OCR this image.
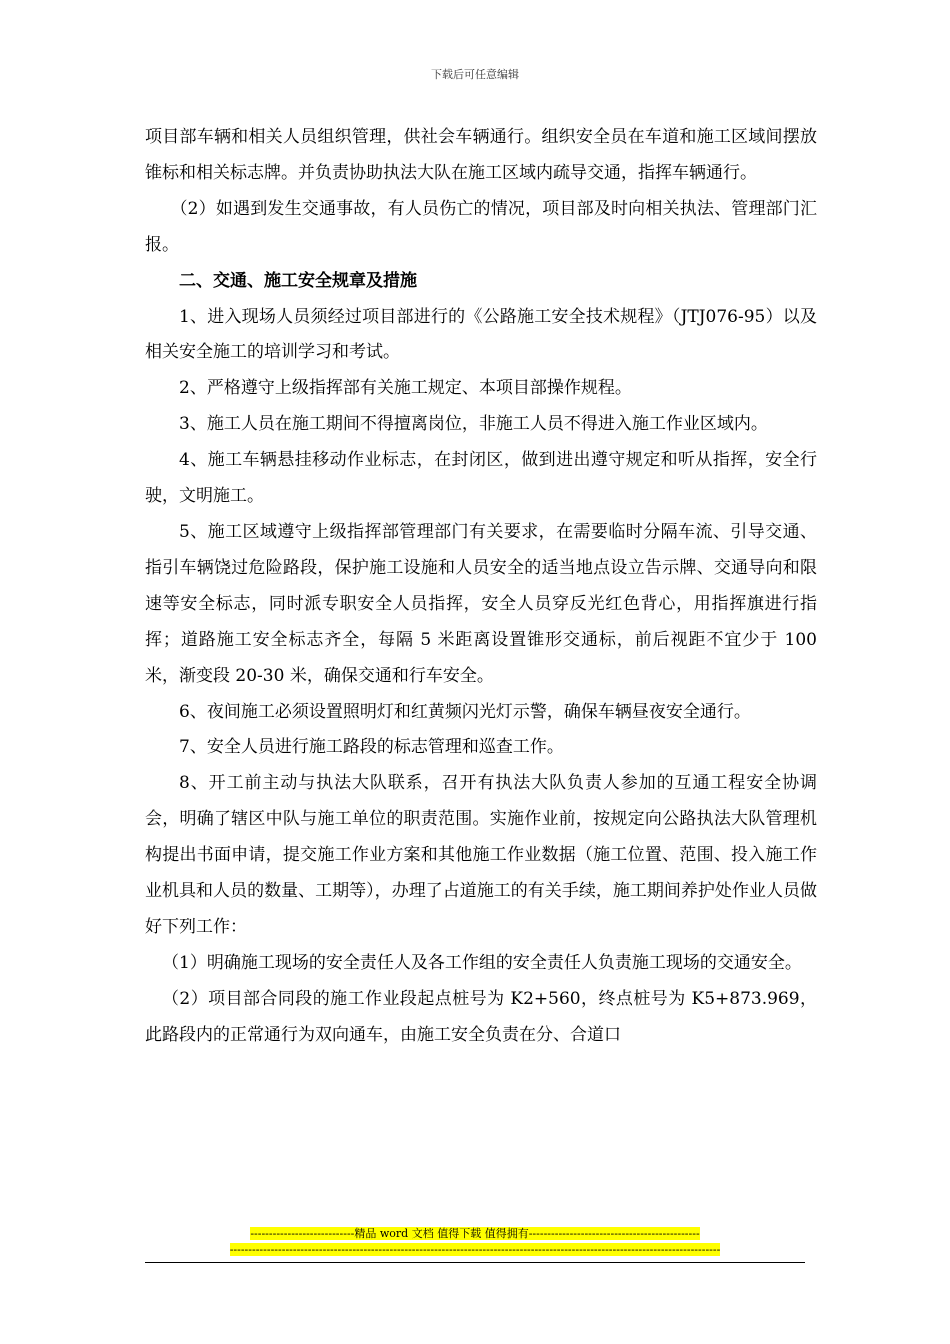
下载后可任意编辑

项目部车辆和相关人员组织管理，供社会车辆通行。组织安全员在车道和施工区域间摆放锥标和相关标志牌。并负责协助执法大队在施工区域内疏导交通，指挥车辆通行。

（2）如遇到发生交通事故，有人员伤亡的情况，项目部及时向相关执法、管理部门汇报。

二、交通、施工安全规章及措施

1、进入现场人员须经过项目部进行的《公路施工安全技术规程》（JTJ076-95）以及相关安全施工的培训学习和考试。

2、严格遵守上级指挥部有关施工规定、本项目部操作规程。

3、施工人员在施工期间不得擅离岗位，非施工人员不得进入施工作业区域内。

4、施工车辆悬挂移动作业标志，在封闭区，做到进出遵守规定和听从指挥，安全行驶，文明施工。

5、施工区域遵守上级指挥部管理部门有关要求，在需要临时分隔车流、引导交通、指引车辆饶过危险路段，保护施工设施和人员安全的适当地点设立告示牌、交通导向和限速等安全标志，同时派专职安全人员指挥，安全人员穿反光红色背心，用指挥旗进行指挥；道路施工安全标志齐全，每隔 5 米距离设置锥形交通标，前后视距不宜少于 100 米，渐变段 20-30 米，确保交通和行车安全。

6、夜间施工必须设置照明灯和红黄频闪光灯示警，确保车辆昼夜安全通行。

7、安全人员进行施工路段的标志管理和巡查工作。

8、开工前主动与执法大队联系，召开有执法大队负责人参加的互通工程安全协调会，明确了辖区中队与施工单位的职责范围。实施作业前，按规定向公路执法大队管理机构提出书面申请，提交施工作业方案和其他施工作业数据（施工位置、范围、投入施工作业机具和人员的数量、工期等），办理了占道施工的有关手续，施工期间养护处作业人员做好下列工作：

（1）明确施工现场的安全责任人及各工作组的安全责任人负责施工现场的交通安全。

（2）项目部合同段的施工作业段起点桩号为 K2+560，终点桩号为 K5+873.969，此路段内的正常通行为双向通车，由施工安全负责在分、合道口

----------------------------精品 word 文档 值得下载 值得拥有----------------------------------------------
------------------------------------------------------------------------------------------------------------------------------------
